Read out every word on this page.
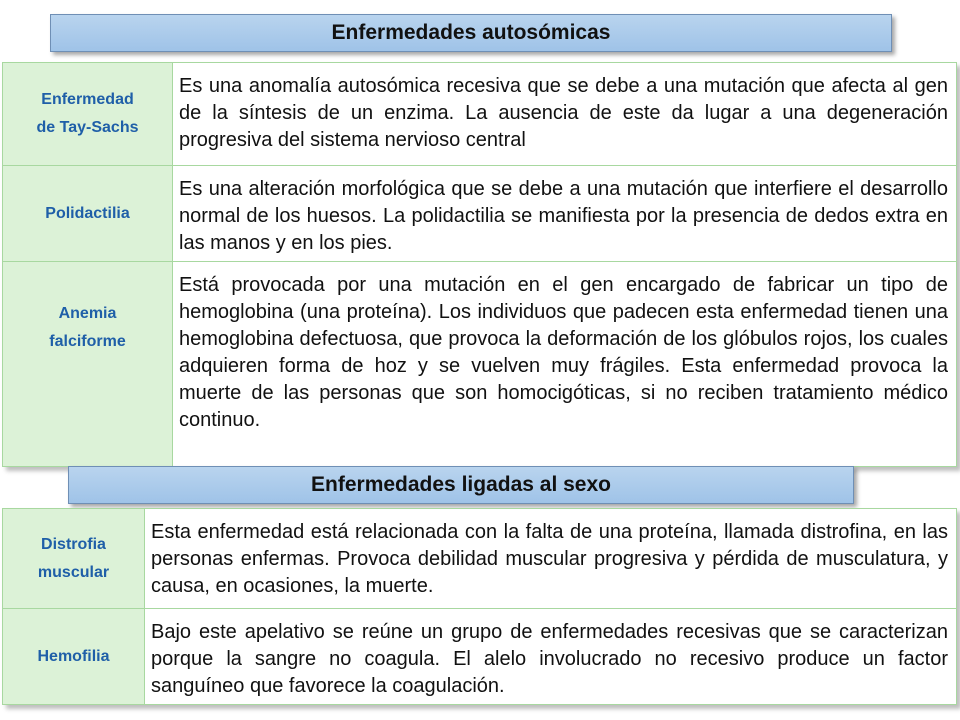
Enfermedades autosómicas
Enfermedad
de Tay-Sachs	Es una anomalía autosómica recesiva que se debe a una mutación que afecta al gen de la síntesis de un enzima. La ausencia de este da lugar a una degeneración progresiva del sistema nervioso central

Polidactilia	Es una alteración morfológica que se debe a una mutación que interfiere el desarrollo normal de los huesos. La polidactilia se manifiesta por la presencia de dedos extra en las manos y en los pies.

Anemia
falciforme	Está provocada por una mutación en el gen encargado de fabricar un tipo de hemoglobina (una proteína). Los individuos que padecen esta enfermedad tienen una hemoglobina defectuosa, que provoca la deformación de los glóbulos rojos, los cuales adquieren forma de hoz y se vuelven muy frágiles. Esta enfermedad provoca la muerte de las personas que son homocigóticas, si no reciben tratamiento médico continuo.
Enfermedades ligadas al sexo
Distrofia
muscular	Esta enfermedad está relacionada con la falta de una proteína, llamada distrofina, en las personas enfermas. Provoca debilidad muscular progresiva y pérdida de musculatura, y causa, en ocasiones, la muerte.

Hemofilia	Bajo este apelativo se reúne un grupo de enfermedades recesivas que se caracterizan porque la sangre no coagula. El alelo involucrado no recesivo produce un factor sanguíneo que favorece la coagulación.
